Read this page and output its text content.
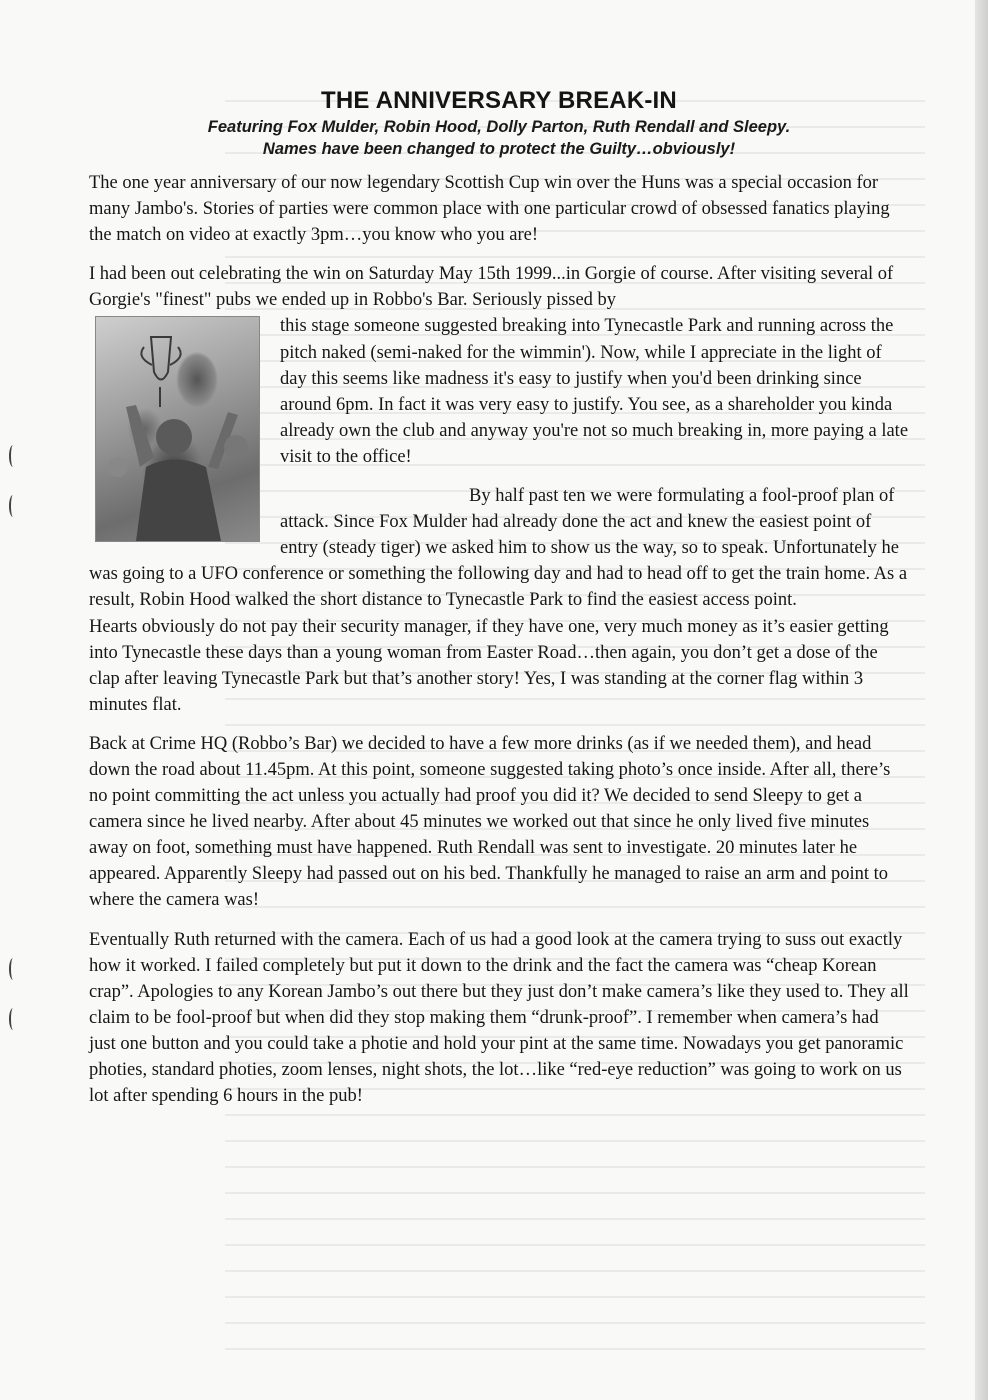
THE ANNIVERSARY BREAK-IN

Featuring Fox Mulder, Robin Hood, Dolly Parton, Ruth Rendall and Sleepy.

Names have been changed to protect the Guilty…obviously!

The one year anniversary of our now legendary Scottish Cup win over the Huns was a special occasion for many Jambo's. Stories of parties were common place with one particular crowd of obsessed fanatics playing the match on video at exactly 3pm…you know who you are!

I had been out celebrating the win on Saturday May 15th 1999...in Gorgie of course. After visiting several of Gorgie's "finest" pubs we ended up in Robbo's Bar. Seriously pissed by

this stage someone suggested breaking into Tynecastle Park and running across the pitch naked (semi-naked for the wimmin'). Now, while I appreciate in the light of day this seems like madness it's easy to justify when you'd been drinking since around 6pm. In fact it was very easy to justify. You see, as a shareholder you kinda already own the club and anyway you're not so much breaking in, more paying a late visit to the office!

By half past ten we were formulating a fool-proof plan of attack. Since Fox Mulder had already done the act and knew the easiest point of entry (steady tiger) we asked him to show us the way, so to speak. Unfortunately he was going to a UFO conference or something the following day and had to head off to get the train home. As a result, Robin Hood walked the short distance to Tynecastle Park to find the easiest access point.

Hearts obviously do not pay their security manager, if they have one, very much money as it’s easier getting into Tynecastle these days than a young woman from Easter Road…then again, you don’t get a dose of the clap after leaving Tynecastle Park but that’s another story! Yes, I was standing at the corner flag within 3 minutes flat.

Back at Crime HQ (Robbo’s Bar) we decided to have a few more drinks (as if we needed them), and head down the road about 11.45pm. At this point, someone suggested taking photo’s once inside. After all, there’s no point committing the act unless you actually had proof you did it? We decided to send Sleepy to get a camera since he lived nearby. After about 45 minutes we worked out that since he only lived five minutes away on foot, something must have happened. Ruth Rendall was sent to investigate. 20 minutes later he appeared. Apparently Sleepy had passed out on his bed. Thankfully he managed to raise an arm and point to where the camera was!

Eventually Ruth returned with the camera. Each of us had a good look at the camera trying to suss out exactly how it worked. I failed completely but put it down to the drink and the fact the camera was “cheap Korean crap”. Apologies to any Korean Jambo’s out there but they just don’t make camera’s like they used to. They all claim to be fool-proof but when did they stop making them “drunk-proof”. I remember when camera’s had just one button and you could take a photie and hold your pint at the same time. Nowadays you get panoramic photies, standard photies, zoom lenses, night shots, the lot…like “red-eye reduction” was going to work on us lot after spending 6 hours in the pub!
